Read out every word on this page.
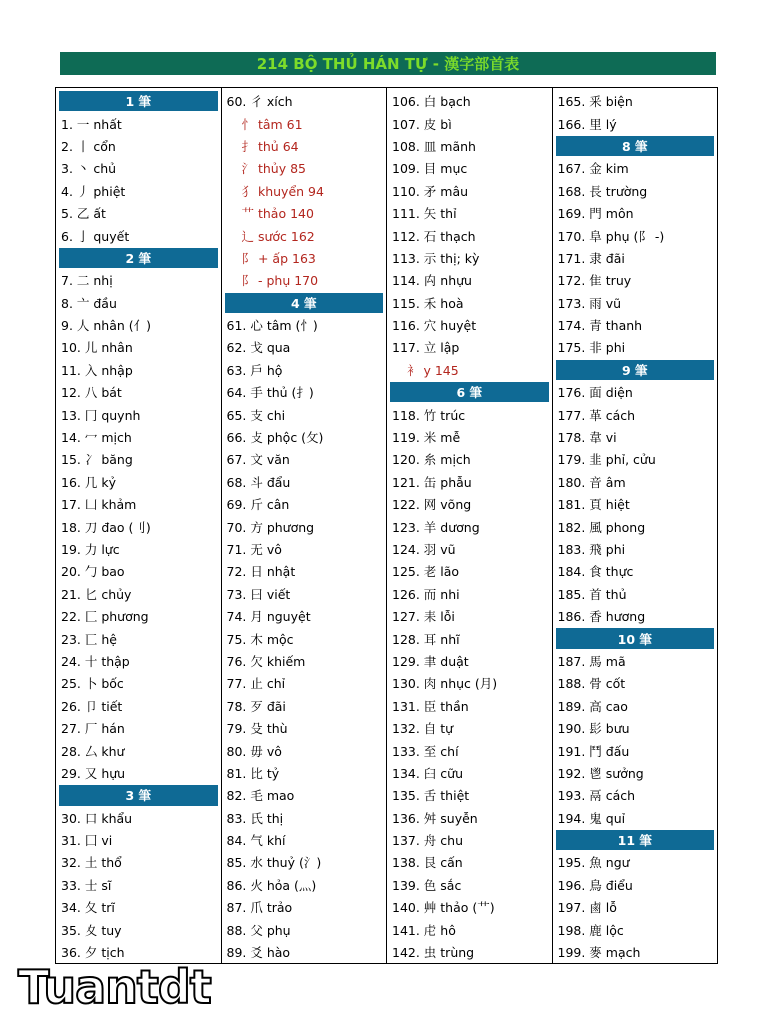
214 BỘ THỦ HÁN TỰ - 漢字部首表
1 筆
1. 一 nhất
2. 丨 cổn
3. 丶 chủ
4. 丿 phiệt
5. 乙 ất
6. 亅 quyết
2 筆
7. 二 nhị
8. 亠 đầu
9. 人 nhân (亻)
10. 儿 nhân
11. 入 nhập
12. 八 bát
13. 冂 quynh
14. 冖 mịch
15. 冫 băng
16. 几 kỷ
17. 凵 khảm
18. 刀 đao (刂)
19. 力 lực
20. 勹 bao
21. 匕 chủy
22. 匚 phương
23. 匸 hệ
24. 十 thập
25. 卜 bốc
26. 卩 tiết
27. 厂 hán
28. 厶 khư
29. 又 hựu
3 筆
30. 口 khẩu
31. 囗 vi
32. 土 thổ
33. 士 sĩ
34. 夂 trĩ
35. 夊 tuy
36. 夕 tịch
60. 彳 xích
忄 tâm 61
扌 thủ 64
氵 thủy 85
犭 khuyển 94
艹 thảo 140
辶 sước 162
阝 + ấp 163
阝 - phụ 170
4 筆
61. 心 tâm (忄)
62. 戈 qua
63. 戶 hộ
64. 手 thủ (扌)
65. 支 chi
66. 攴 phộc (攵)
67. 文 văn
68. 斗 đẩu
69. 斤 cân
70. 方 phương
71. 无 vô
72. 日 nhật
73. 曰 viết
74. 月 nguyệt
75. 木 mộc
76. 欠 khiếm
77. 止 chỉ
78. 歹 đãi
79. 殳 thù
80. 毋 vô
81. 比 tỷ
82. 毛 mao
83. 氏 thị
84. 气 khí
85. 水 thuỷ (氵)
86. 火 hỏa (灬)
87. 爪 trảo
88. 父 phụ
89. 爻 hào
106. 白 bạch
107. 皮 bì
108. 皿 mãnh
109. 目 mục
110. 矛 mâu
111. 矢 thỉ
112. 石 thạch
113. 示 thị; kỳ
114. 禸 nhựu
115. 禾 hoà
116. 穴 huyệt
117. 立 lập
衤 y 145
6 筆
118. 竹 trúc
119. 米 mễ
120. 糸 mịch
121. 缶 phẫu
122. 网 võng
123. 羊 dương
124. 羽 vũ
125. 老 lão
126. 而 nhi
127. 耒 lỗi
128. 耳 nhĩ
129. 聿 duật
130. 肉 nhục (月)
131. 臣 thần
132. 自 tự
133. 至 chí
134. 臼 cữu
135. 舌 thiệt
136. 舛 suyễn
137. 舟 chu
138. 艮 cấn
139. 色 sắc
140. 艸 thảo (艹)
141. 虍 hô
142. 虫 trùng
165. 釆 biện
166. 里 lý
8 筆
167. 金 kim
168. 長 trường
169. 門 môn
170. 阜 phụ (阝 -)
171. 隶 đãi
172. 隹 truy
173. 雨 vũ
174. 青 thanh
175. 非 phi
9 筆
176. 面 diện
177. 革 cách
178. 韋 vi
179. 韭 phỉ, cửu
180. 音 âm
181. 頁 hiệt
182. 風 phong
183. 飛 phi
184. 食 thực
185. 首 thủ
186. 香 hương
10 筆
187. 馬 mã
188. 骨 cốt
189. 高 cao
190. 髟 bưu
191. 鬥 đấu
192. 鬯 sưởng
193. 鬲 cách
194. 鬼 quỉ
11 筆
195. 魚 ngư
196. 鳥 điểu
197. 鹵 lỗ
198. 鹿 lộc
199. 麥 mạch
Tuantdt
